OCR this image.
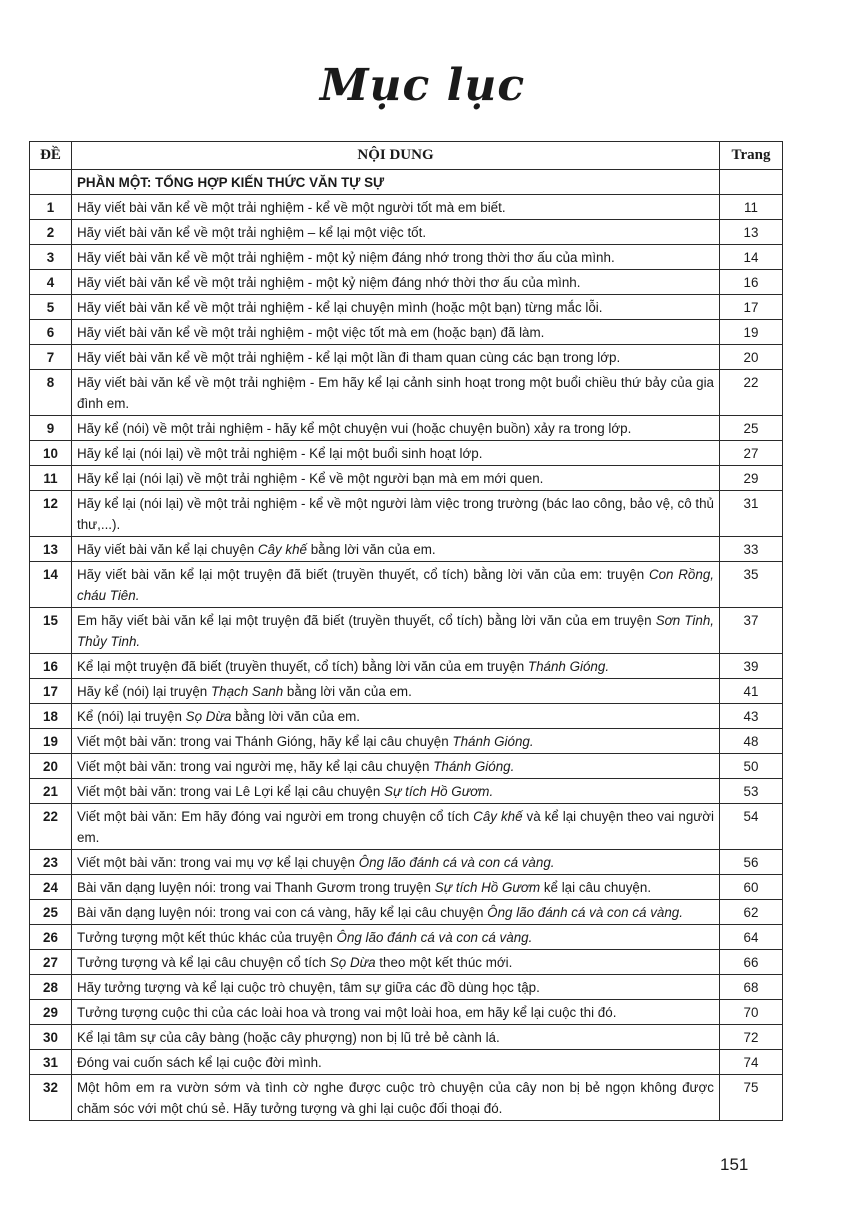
Mục lục
ĐỀ	NỘI DUNG	Trang
	PHẦN MỘT: TỔNG HỢP KIẾN THỨC VĂN TỰ SỰ	
1	Hãy viết bài văn kể về một trải nghiệm - kể về một người tốt mà em biết.	11
2	Hãy viết bài văn kể về một trải nghiệm – kể lại một việc tốt.	13
3	Hãy viết bài văn kể về một trải nghiệm - một kỷ niệm đáng nhớ trong thời thơ ấu của mình.	14
4	Hãy viết bài văn kể về một trải nghiệm - một kỷ niệm đáng nhớ thời thơ ấu của mình.	16
5	Hãy viết bài văn kể về một trải nghiệm - kể lại chuyện mình (hoặc một bạn) từng mắc lỗi.	17
6	Hãy viết bài văn kể về một trải nghiệm - một việc tốt mà em (hoặc bạn) đã làm.	19
7	Hãy viết bài văn kể về một trải nghiệm - kể lại một lần đi tham quan cùng các bạn trong lớp.	20
8	Hãy viết bài văn kể về một trải nghiệm - Em hãy kể lại cảnh sinh hoạt trong một buổi chiều thứ bảy của gia đình em.	22
9	Hãy kể (nói) về một trải nghiệm - hãy kể một chuyện vui (hoặc chuyện buồn) xảy ra trong lớp.	25
10	Hãy kể lại (nói lại) về một trải nghiệm - Kể lại một buổi sinh hoạt lớp.	27
11	Hãy kể lại (nói lại) về một trải nghiệm - Kể về một người bạn mà em mới quen.	29
12	Hãy kể lại (nói lại) về một trải nghiệm - kể về một người làm việc trong trường (bác lao công, bảo vệ, cô thủ thư,...).	31
13	Hãy viết bài văn kể lại chuyện Cây khế bằng lời văn của em.	33
14	Hãy viết bài văn kể lại một truyện đã biết (truyền thuyết, cổ tích) bằng lời văn của em: truyện Con Rồng, cháu Tiên.	35
15	Em hãy viết bài văn kể lại một truyện đã biết (truyền thuyết, cổ tích) bằng lời văn của em truyện Sơn Tinh, Thủy Tinh.	37
16	Kể lại một truyện đã biết (truyền thuyết, cổ tích) bằng lời văn của em truyện Thánh Gióng.	39
17	Hãy kể (nói) lại truyện Thạch Sanh bằng lời văn của em.	41
18	Kể (nói) lại truyện Sọ Dừa bằng lời văn của em.	43
19	Viết một bài văn: trong vai Thánh Gióng, hãy kể lại câu chuyện Thánh Gióng.	48
20	Viết một bài văn: trong vai người mẹ, hãy kể lại câu chuyện Thánh Gióng.	50
21	Viết một bài văn: trong vai Lê Lợi kể lại câu chuyện Sự tích Hồ Gươm.	53
22	Viết một bài văn: Em hãy đóng vai người em trong chuyện cổ tích Cây khế và kể lại chuyện theo vai người em.	54
23	Viết một bài văn: trong vai mụ vợ kể lại chuyện Ông lão đánh cá và con cá vàng.	56
24	Bài văn dạng luyện nói: trong vai Thanh Gươm trong truyện Sự tích Hồ Gươm kể lại câu chuyện.	60
25	Bài văn dạng luyện nói: trong vai con cá vàng, hãy kể lại câu chuyện Ông lão đánh cá và con cá vàng.	62
26	Tưởng tượng một kết thúc khác của truyện Ông lão đánh cá và con cá vàng.	64
27	Tưởng tượng và kể lại câu chuyện cổ tích Sọ Dừa theo một kết thúc mới.	66
28	Hãy tưởng tượng và kể lại cuộc trò chuyện, tâm sự giữa các đồ dùng học tập.	68
29	Tưởng tượng cuộc thi của các loài hoa và trong vai một loài hoa, em hãy kể lại cuộc thi đó.	70
30	Kể lại tâm sự của cây bàng (hoặc cây phượng) non bị lũ trẻ bẻ cành lá.	72
31	Đóng vai cuốn sách kể lại cuộc đời mình.	74
32	Một hôm em ra vườn sớm và tình cờ nghe được cuộc trò chuyện của cây non bị bẻ ngọn không được chăm sóc với một chú sẻ. Hãy tưởng tượng và ghi lại cuộc đối thoại đó.	75
151
